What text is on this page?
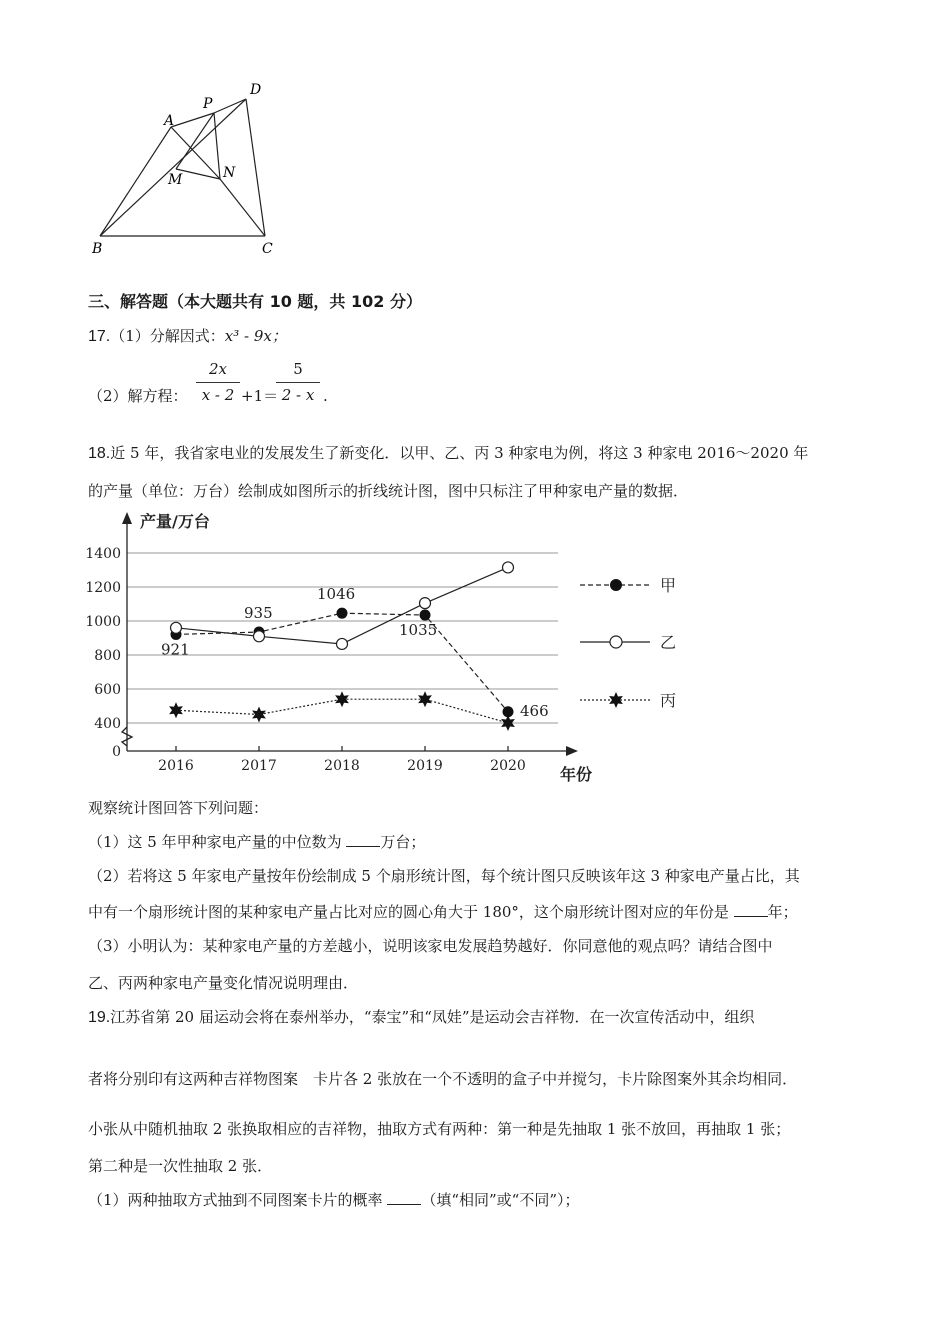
A
P
D
M	N
B	C
三、解答题（本大题共有 10 题，共 102 分）
17.（1）分解因式：x³ - 9x；
（2）解方程： $\frac{2x}{x - 2} +1=$
$\frac{5}{2 - x}$ .
18.近 5 年，我省家电业的发展发生了新变化．以甲、乙、丙 3 种家电为例，将这 3 种家电 2016～2020 年
的产量（单位：万台）绘制成如图所示的折线统计图，图中只标注了甲种家电产量的数据．
产量/万台
年份
1400
1200
1000
800
600
400
0
2016	2017	2018	2019	2020
921
935
1046
1035
466
甲
乙
丙
观察统计图回答下列问题：
（1）这 5 年甲种家电产量的中位数为 万台；
（2）若将这 5 年家电产量按年份绘制成 5 个扇形统计图，每个统计图只反映该年这 3 种家电产量占比，其
中有一个扇形统计图的某种家电产量占比对应的圆心角大于 180°，这个扇形统计图对应的年份是 年；
（3）小明认为：某种家电产量的方差越小，说明该家电发展趋势越好．你同意他的观点吗？请结合图中
乙、丙两种家电产量变化情况说明理由．
19.江苏省第 20 届运动会将在泰州举办，“泰宝”和“凤娃”是运动会吉祥物．在一次宣传活动中，组织
者将分别印有这两种吉祥物图案　卡片各 2 张放在一个不透明的盒子中并搅匀，卡片除图案外其余均相同．
小张从中随机抽取 2 张换取相应的吉祥物，抽取方式有两种：第一种是先抽取 1 张不放回，再抽取 1 张；
第二种是一次性抽取 2 张．
（1）两种抽取方式抽到不同图案卡片的概率 （填“相同”或“不同”）；
